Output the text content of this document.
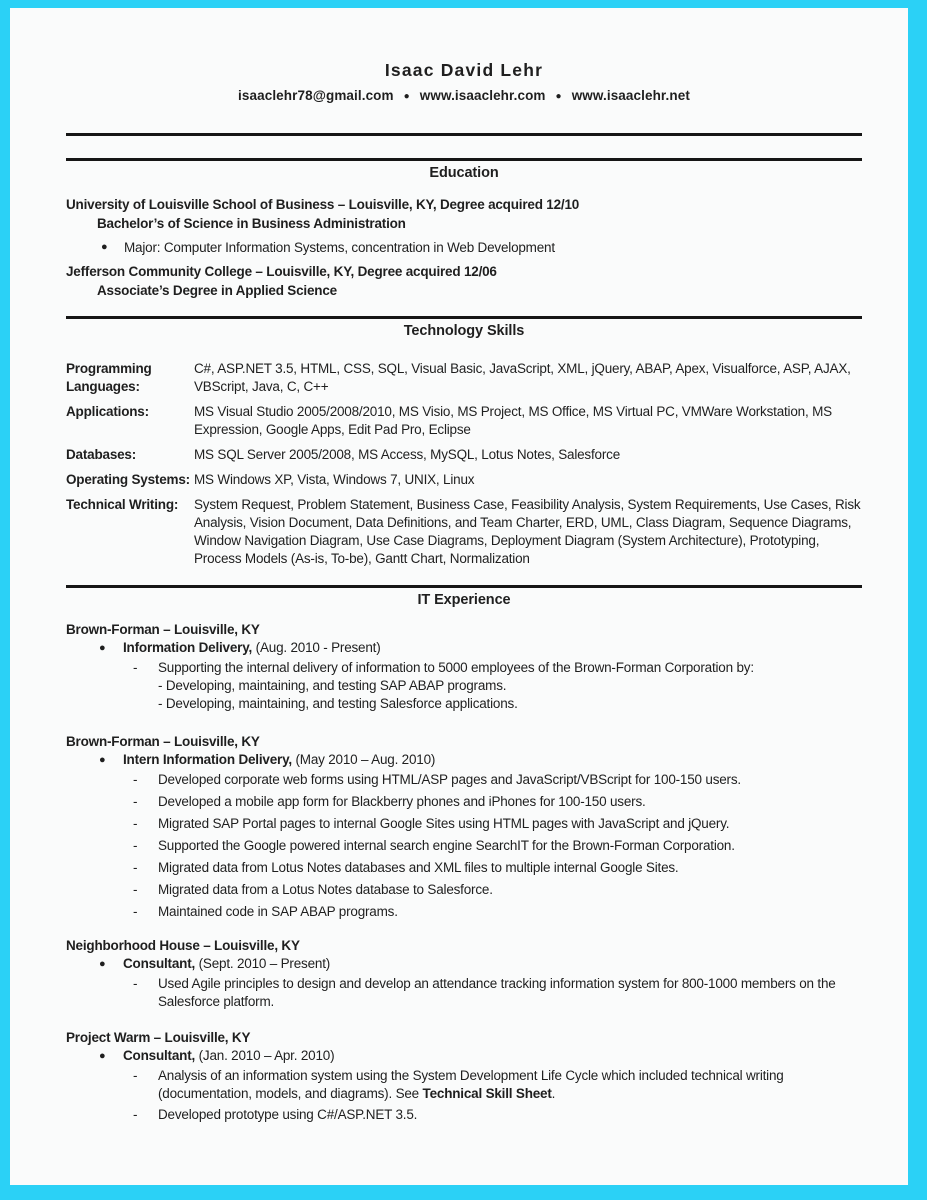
Isaac David Lehr
isaaclehr78@gmail.com ● www.isaaclehr.com ● www.isaaclehr.net
Education
University of Louisville School of Business – Louisville, KY, Degree acquired 12/10
Bachelor’s of Science in Business Administration
●	Major: Computer Information Systems, concentration in Web Development
Jefferson Community College – Louisville, KY, Degree acquired 12/06
Associate’s Degree in Applied Science
Technology Skills
Programming Languages:
C#, ASP.NET 3.5, HTML, CSS, SQL, Visual Basic, JavaScript, XML, jQuery, ABAP, Apex, Visualforce, ASP, AJAX, VBScript, Java, C, C++
Applications:	MS Visual Studio 2005/2008/2010, MS Visio, MS Project, MS Office, MS Virtual PC, VMWare Workstation, MS Expression, Google Apps, Edit Pad Pro, Eclipse
Databases:	MS SQL Server 2005/2008, MS Access, MySQL, Lotus Notes, Salesforce
Operating Systems: MS Windows XP, Vista, Windows 7, UNIX, Linux
Technical Writing:	System Request, Problem Statement, Business Case, Feasibility Analysis, System Requirements, Use Cases, Risk Analysis, Vision Document, Data Definitions, and Team Charter, ERD, UML, Class Diagram, Sequence Diagrams, Window Navigation Diagram, Use Case Diagrams, Deployment Diagram (System Architecture), Prototyping, Process Models (As-is, To-be), Gantt Chart, Normalization
IT Experience
Brown-Forman – Louisville, KY
●	Information Delivery, (Aug. 2010 - Present)
-	Supporting the internal delivery of information to 5000 employees of the Brown-Forman Corporation by:
- Developing, maintaining, and testing SAP ABAP programs.
- Developing, maintaining, and testing Salesforce applications.
Brown-Forman – Louisville, KY
●	Intern Information Delivery, (May 2010 – Aug. 2010)
-	Developed corporate web forms using HTML/ASP pages and JavaScript/VBScript for 100-150 users.
-	Developed a mobile app form for Blackberry phones and iPhones for 100-150 users.
-	Migrated SAP Portal pages to internal Google Sites using HTML pages with JavaScript and jQuery.
-	Supported the Google powered internal search engine SearchIT for the Brown-Forman Corporation.
-	Migrated data from Lotus Notes databases and XML files to multiple internal Google Sites.
-	Migrated data from a Lotus Notes database to Salesforce.
-	Maintained code in SAP ABAP programs.
Neighborhood House – Louisville, KY
●	Consultant, (Sept. 2010 – Present)
-	Used Agile principles to design and develop an attendance tracking information system for 800-1000 members on the Salesforce platform.
Project Warm – Louisville, KY
●	Consultant, (Jan. 2010 – Apr. 2010)
-	Analysis of an information system using the System Development Life Cycle which included technical writing (documentation, models, and diagrams). See Technical Skill Sheet.
-	Developed prototype using C#/ASP.NET 3.5.
